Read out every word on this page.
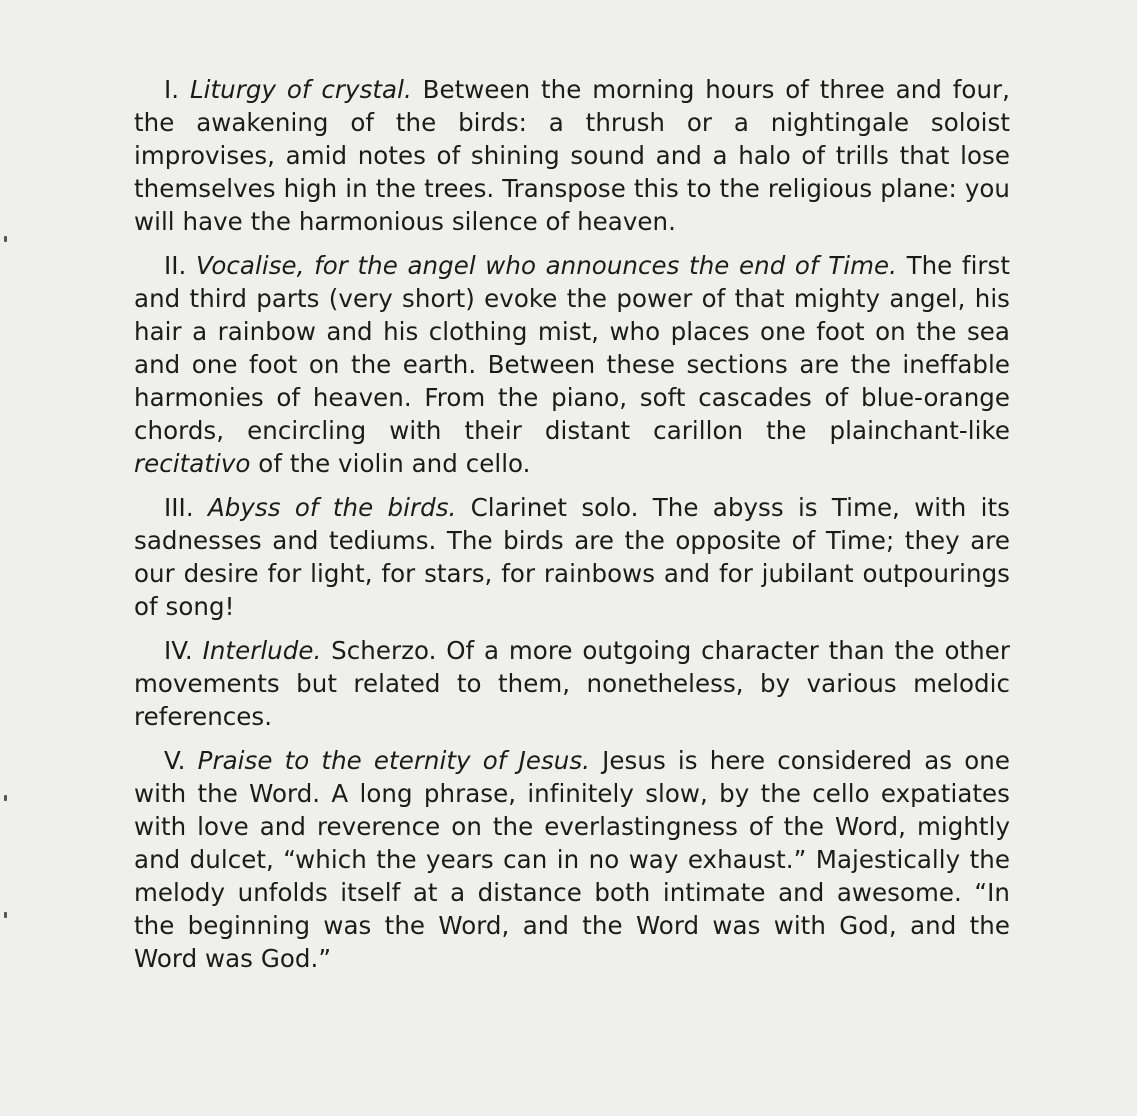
I. Liturgy of crystal. Between the morning hours of three and four, the awakening of the birds: a thrush or a nightingale soloist improvises, amid notes of shining sound and a halo of trills that lose themselves high in the trees. Transpose this to the religious plane: you will have the harmonious silence of heaven.

II. Vocalise, for the angel who announces the end of Time. The first and third parts (very short) evoke the power of that mighty angel, his hair a rainbow and his clothing mist, who places one foot on the sea and one foot on the earth. Between these sections are the ineffable harmonies of heaven. From the piano, soft cascades of blue-orange chords, encircling with their distant carillon the plainchant-like recitativo of the violin and cello.

III. Abyss of the birds. Clarinet solo. The abyss is Time, with its sadnesses and tediums. The birds are the opposite of Time; they are our desire for light, for stars, for rainbows and for jubilant outpourings of song!

IV. Interlude. Scherzo. Of a more outgoing character than the other movements but related to them, nonetheless, by various melodic references.

V. Praise to the eternity of Jesus. Jesus is here considered as one with the Word. A long phrase, infinitely slow, by the cello expatiates with love and reverence on the everlastingness of the Word, mightly and dulcet, “which the years can in no way exhaust.” Majestically the melody unfolds itself at a distance both intimate and awesome. “In the beginning was the Word, and the Word was with God, and the Word was God.”
